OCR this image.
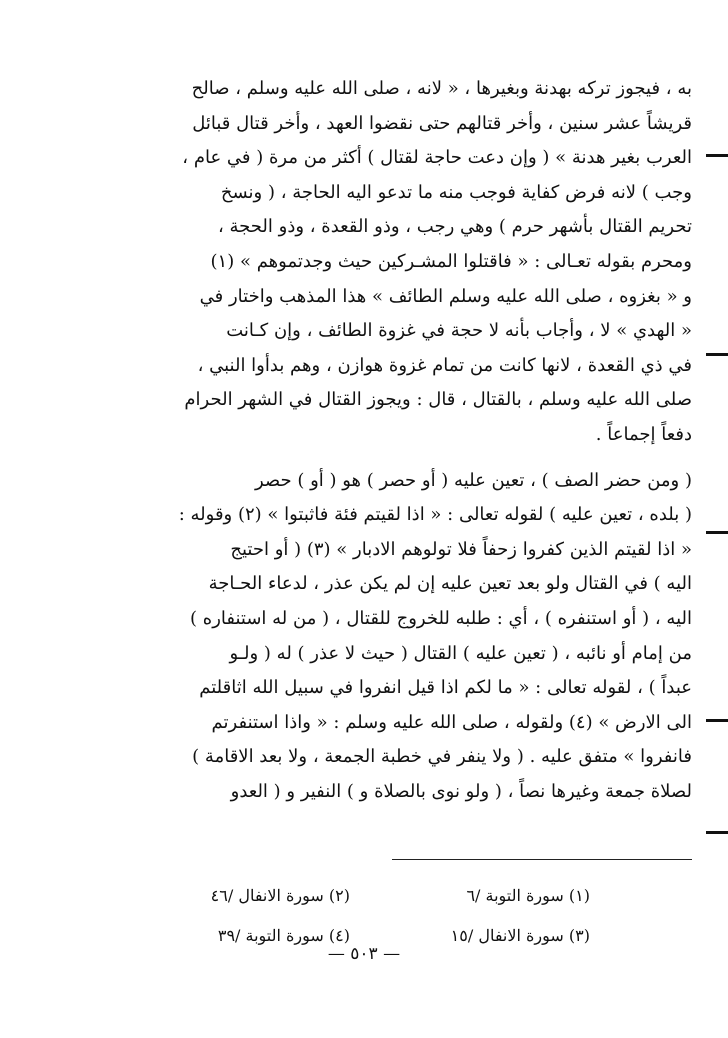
به ، فيجوز تركه بهدنة وبغيرها ، « لانه ، صلى الله عليه وسلم ، صالح
قريشاً عشر سنين ، وأخر قتالهم حتى نقضوا العهد ، وأخر قتال قبائل
العرب بغير هدنة » ( وإن دعت حاجة لقتال ) أكثر من مرة ( في عام ،
وجب ) لانه فرض كفاية فوجب منه ما تدعو اليه الحاجة ، ( ونسخ
تحريم القتال بأشهر حرم ) وهي رجب ، وذو القعدة ، وذو الحجة ،
ومحرم بقوله تعـالى : « فاقتلوا المشـركين حيث وجدتموهم » (١)
و « بغزوه ، صلى الله عليه وسلم الطائف » هذا المذهب واختار في
« الهدي » لا ، وأجاب بأنه لا حجة في غزوة الطائف ، وإن كـانت
في ذي القعدة ، لانها كانت من تمام غزوة هوازن ، وهم بدأوا النبي ،
صلى الله عليه وسلم ، بالقتال ، قال : ويجوز القتال في الشهر الحرام
دفعاً إجماعاً .
( ومن حضر الصف ) ، تعين عليه ( أو حصر ) هو ( أو ) حصر
( بلده ، تعين عليه ) لقوله تعالى : « اذا لقيتم فئة فاثبتوا » (٢) وقوله :
« اذا لقيتم الذين كفروا زحفاً فلا تولوهم الادبار » (٣) ( أو احتيج
اليه ) في القتال ولو بعد تعين عليه إن لم يكن عذر ، لدعاء الحـاجة
اليه ، ( أو استنفره ) ، أي : طلبه للخروج للقتال ، ( من له استنفاره )
من إمام أو نائبه ، ( تعين عليه ) القتال ( حيث لا عذر ) له ( ولـو
عبداً ) ، لقوله تعالى : « ما لكم اذا قيل انفروا في سبيل الله اثاقلتم
الى الارض » (٤) ولقوله ، صلى الله عليه وسلم : « واذا استنفرتم
فانفروا » متفق عليه . ( ولا ينفر في خطبة الجمعة ، ولا بعد الاقامة )
لصلاة جمعة وغيرها نصاً ، ( ولو نوى بالصلاة و ) النفير و ( العدو
(١) سورة التوبة /٦
(٢) سورة الانفال /٤٦
(٣) سورة الانفال /١٥
(٤) سورة التوبة /٣٩
— ٥٠٣ —
